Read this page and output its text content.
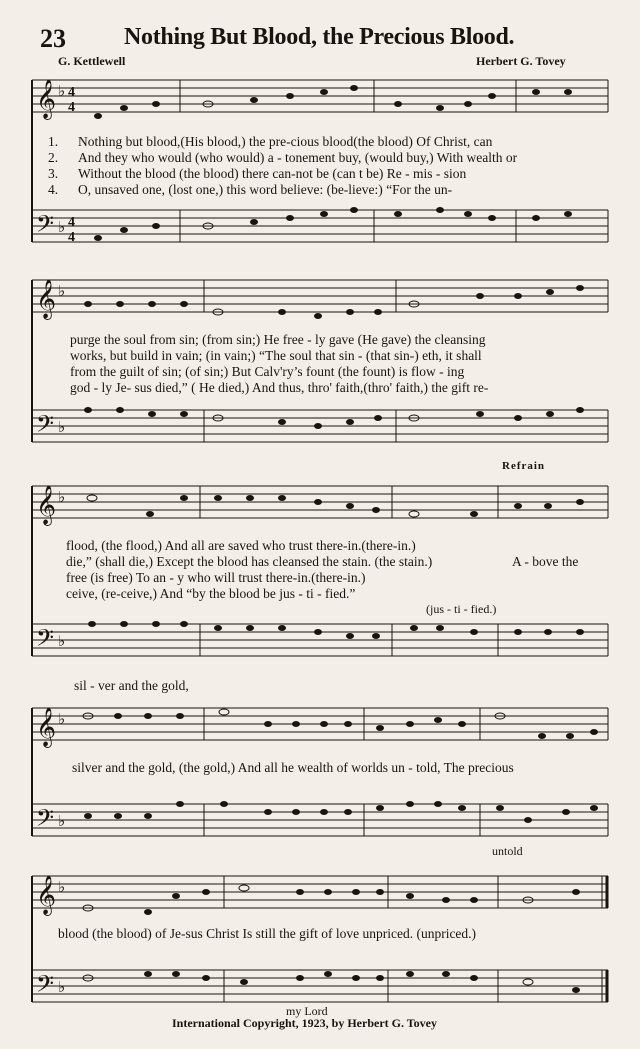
23 Nothing But Blood, the Precious Blood.
G. Kettlewell	Herbert G. Tovey
𝄞 ♭ 4
4
𝄢 ♭ 4
4
1. Nothing but blood,(His blood,) the pre-cious blood(the blood) Of Christ, can
2. And they who would (who would) a - tonement buy, (would buy,) With wealth or
3. Without the blood (the blood) there can-not be (can t be) Re - mis - sion
4. O, unsaved one, (lost one,) this word believe: (be-lieve:) “For the un-
𝄞 ♭
𝄢 ♭
purge the soul from sin; (from sin;) He free - ly gave (He gave) the cleansing
works, but build in vain; (in vain;) “The soul that sin - (that sin-) eth, it shall
from the guilt of sin; (of sin;) But Calv'ry’s fount (the fount) is flow - ing
god - ly Je- sus died,” ( He died,) And thus, thro' faith,(thro' faith,) the gift re-
Refrain
𝄞 ♭
𝄢 ♭
flood, (the flood,) And all are saved who trust there-in.(there-in.)
die,” (shall die,) Except the blood has cleansed the stain. (the stain.)
free (is free) To an - y who will trust there-in.(there-in.)
ceive, (re-ceive,) And “by the blood be jus - ti - fied.”
A - bove the
(jus - ti - fied.)
sil - ver and the gold,
𝄞 ♭
𝄢 ♭
silver and the gold, (the gold,) And all he wealth of worlds un - told, The precious
untold
𝄞 ♭
𝄢 ♭
blood (the blood) of Je-sus Christ Is still the gift of love unpriced. (unpriced.)
my Lord
International Copyright, 1923, by Herbert G. Tovey
